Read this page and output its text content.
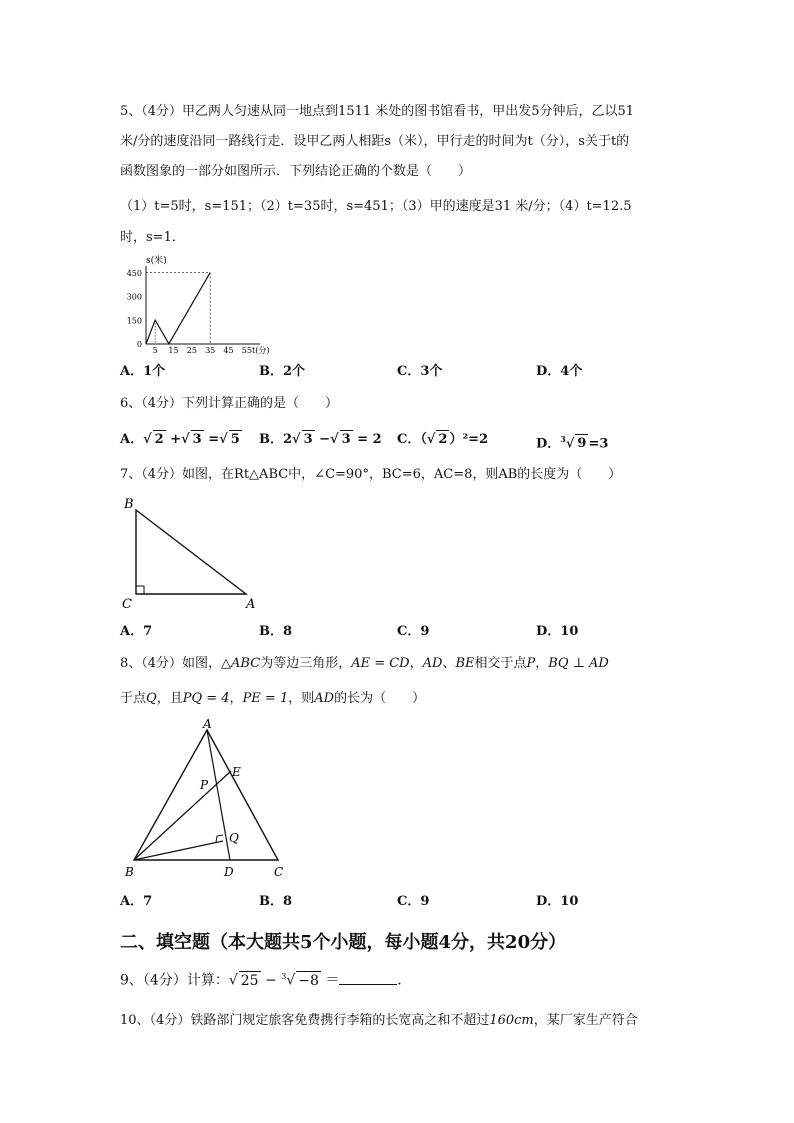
5、（4分）甲乙两人匀速从同一地点到1511 米处的图书馆看书，甲出发5分钟后，乙以51
米/分的速度沿同一路线行走．设甲乙两人相距s（米），甲行走的时间为t（分），s关于t的
函数图象的一部分如图所示．下列结论正确的个数是（　　）
（1）t=5时，s=151；（2）t=35时，s=451；（3）甲的速度是31 米/分；（4）t=12.5
时，s=1．
450
300
150
0
5 15 25 35 45 55
s(米)
t(分)
A．1个	B．2个	C．3个	D．4个
6、（4分）下列计算正确的是（　　）
A．√ 2 +√ 3 =√ 5 B．2√ 3 −√ 3 = 2 C．（√ 2 ）²=2	D．$^3$√ 9 =3
7、（4分）如图，在Rt△ABC中，∠C=90°，BC=6，AC=8，则AB的长度为（　　）
B
C	A
A．7	B．8	C．9	D．10
8、（4分）如图，△ABC为等边三角形，AE = CD，AD、BE相交于点P，BQ ⊥ AD
于点Q，且PQ = 4，PE = 1，则AD的长为（　　）
A
E
P
Q
B	D	C
A．7	B．8	C．9	D．10
二、填空题（本大题共5个小题，每小题4分，共20分）
9、（4分）计算：√ 25 − $^3$√ −8 ＝	．
10、（4分）铁路部门规定旅客免费携行李箱的长宽高之和不超过160cm，某厂家生产符合
